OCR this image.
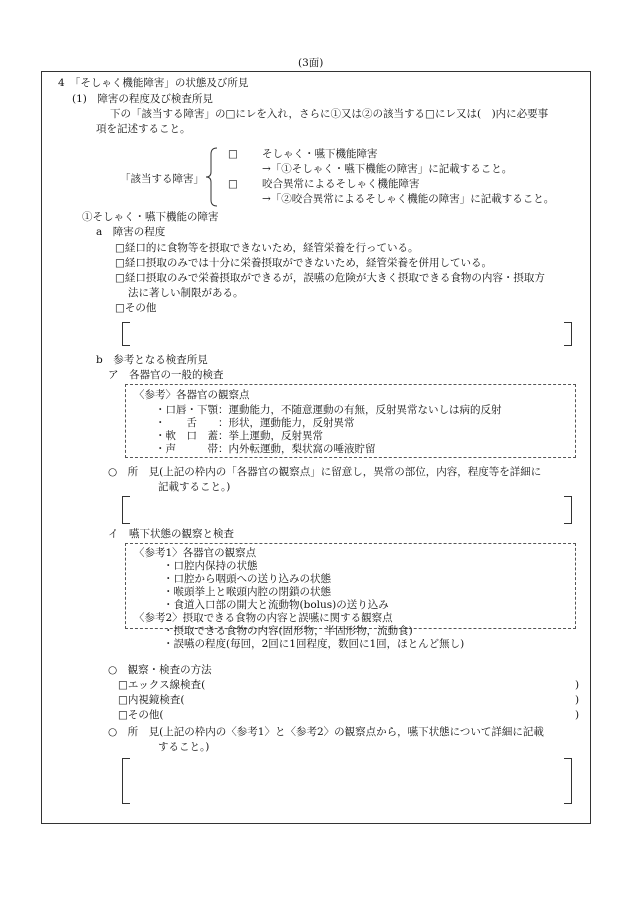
(3面)
4　「そしゃく機能障害」の状態及び所見
(1)　障害の程度及び検査所見
下の「該当する障害」の□にレを入れ，さらに①又は②の該当する□にレ又は(　)内に必要事
項を記述すること。
「該当する障害」
□ そしゃく・嚥下機能障害
→「①そしゃく・嚥下機能の障害」に記載すること。
□ 咬合異常によるそしゃく機能障害
→「②咬合異常によるそしゃく機能の障害」に記載すること。
①そしゃく・嚥下機能の障害
a　障害の程度
□経口的に食物等を摂取できないため，経管栄養を行っている。
□経口摂取のみでは十分に栄養摂取ができないため，経管栄養を併用している。
□経口摂取のみで栄養摂取ができるが，誤嚥の危険が大きく摂取できる食物の内容・摂取方
法に著しい制限がある。
□その他
b　参考となる検査所見
ア　各器官の一般的検査
〈参考〉各器官の観察点
・口唇・下顎：運動能力，不随意運動の有無，反射異常ないしは病的反射
・　　舌　　：形状，運動能力，反射異常
・軟　口　蓋：挙上運動，反射異常
・声　　　帯：内外転運動，梨状窩の唾液貯留
○　所　見(上記の枠内の「各器官の観察点」に留意し，異常の部位，内容，程度等を詳細に
記載すること。)
イ　嚥下状態の観察と検査
〈参考1〉各器官の観察点
・口腔内保持の状態
・口腔から咽頭への送り込みの状態
・喉頭挙上と喉頭内腔の閉鎖の状態
・食道入口部の開大と流動物(bolus)の送り込み
〈参考2〉摂取できる食物の内容と誤嚥に関する観察点
・摂取できる食物の内容(固形物，半固形物，流動食)
・誤嚥の程度(毎回，2回に1回程度，数回に1回，ほとんど無し)
○　観察・検査の方法
□エックス線検査(	)
□内視鏡検査(	)
□その他(	)
○　所　見(上記の枠内の〈参考1〉と〈参考2〉の観察点から，嚥下状態について詳細に記載
すること。)
